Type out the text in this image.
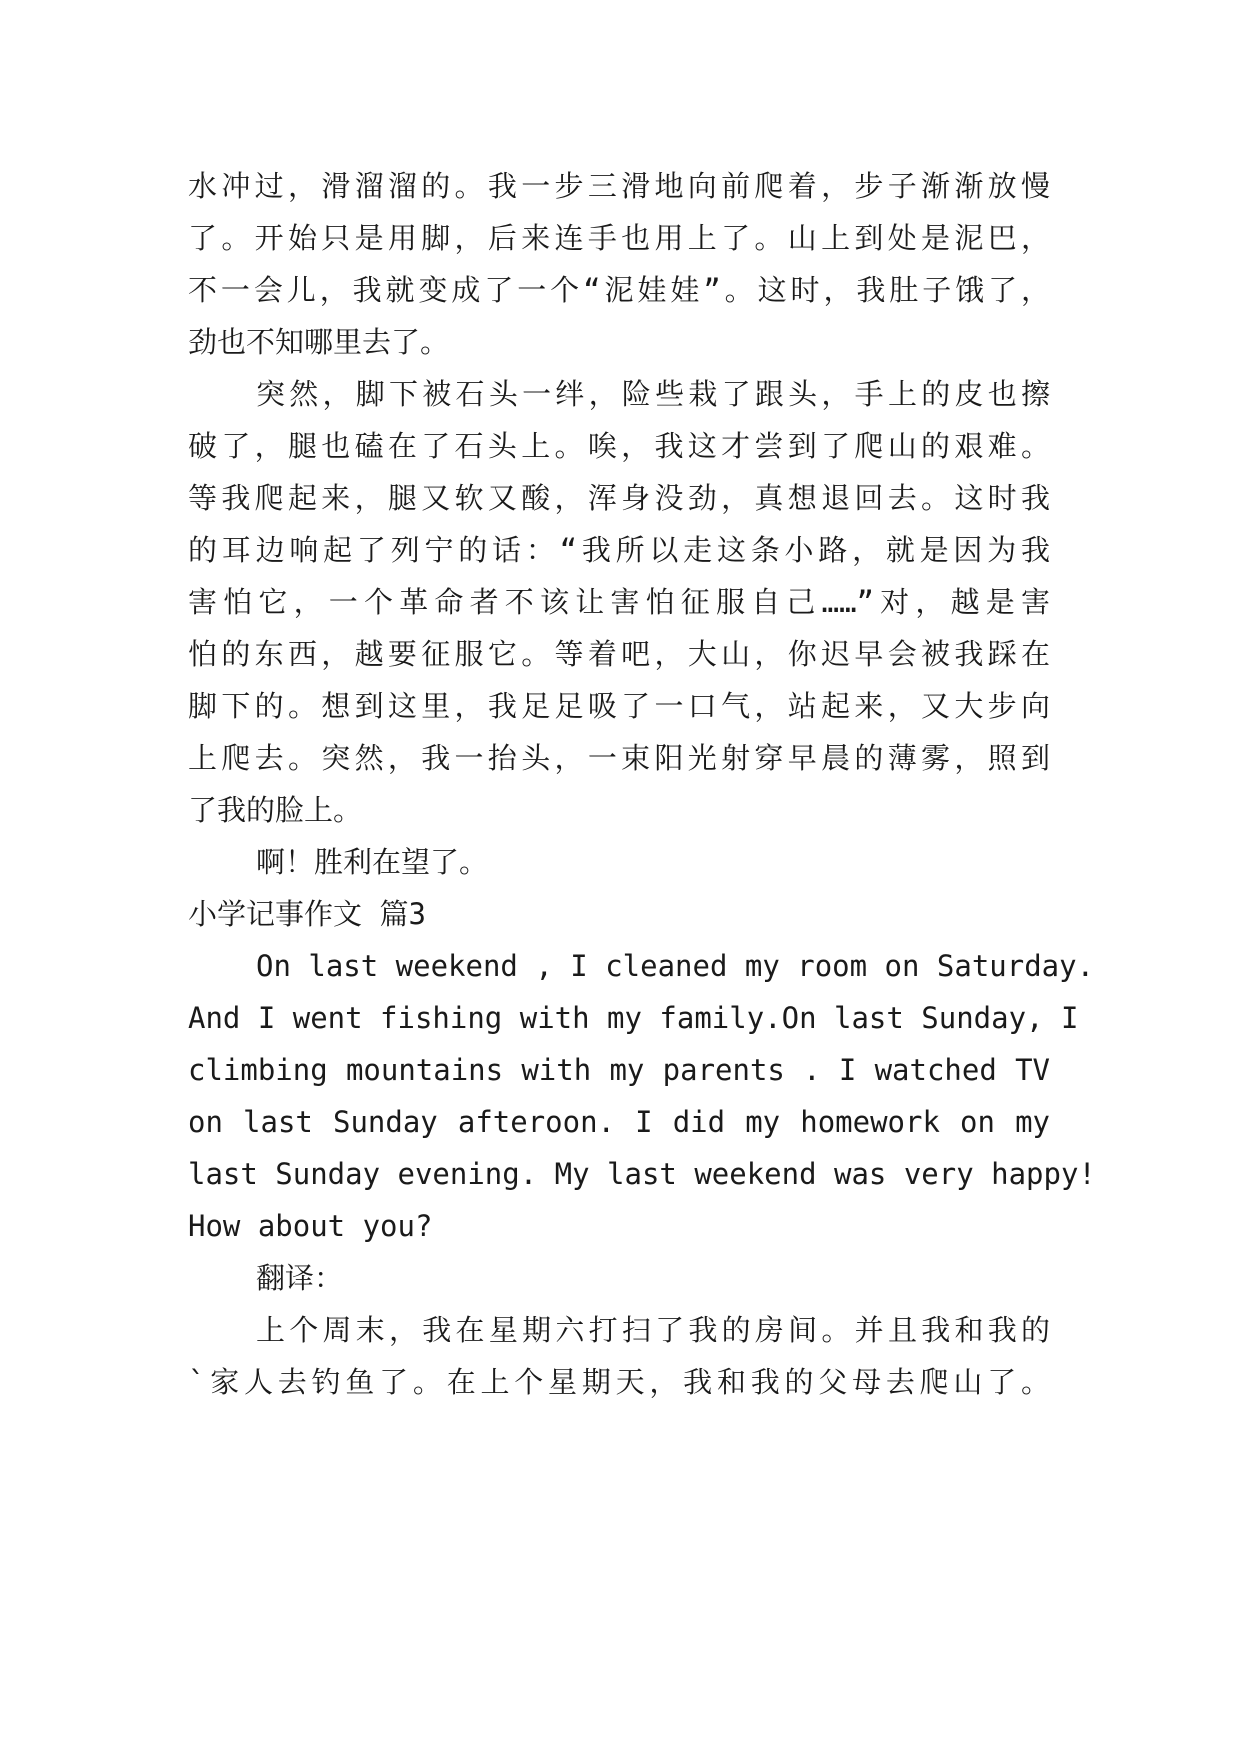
水冲过，滑溜溜的。我一步三滑地向前爬着，步子渐渐放慢
了。开始只是用脚，后来连手也用上了。山上到处是泥巴，
不一会儿，我就变成了一个“泥娃娃”。这时，我肚子饿了，
劲也不知哪里去了。
突然，脚下被石头一绊，险些栽了跟头，手上的皮也擦
破了，腿也磕在了石头上。唉，我这才尝到了爬山的艰难。
等我爬起来，腿又软又酸，浑身没劲，真想退回去。这时我
的耳边响起了列宁的话：“我所以走这条小路，就是因为我
害怕它，一个革命者不该让害怕征服自己……”对，越是害
怕的东西，越要征服它。等着吧，大山，你迟早会被我踩在
脚下的。想到这里，我足足吸了一口气，站起来，又大步向
上爬去。突然，我一抬头，一束阳光射穿早晨的薄雾，照到
了我的脸上。
啊！胜利在望了。
小学记事作文 篇3
On last weekend , I cleaned my room on Saturday.
And I went fishing with my family.On last Sunday, I
climbing mountains with my parents . I watched TV
on last Sunday afteroon. I did my homework on my
last Sunday evening. My last weekend was very happy!
How about you?
翻译：
上个周末，我在星期六打扫了我的房间。并且我和我的
`家人去钓鱼了。在上个星期天，我和我的父母去爬山了。
